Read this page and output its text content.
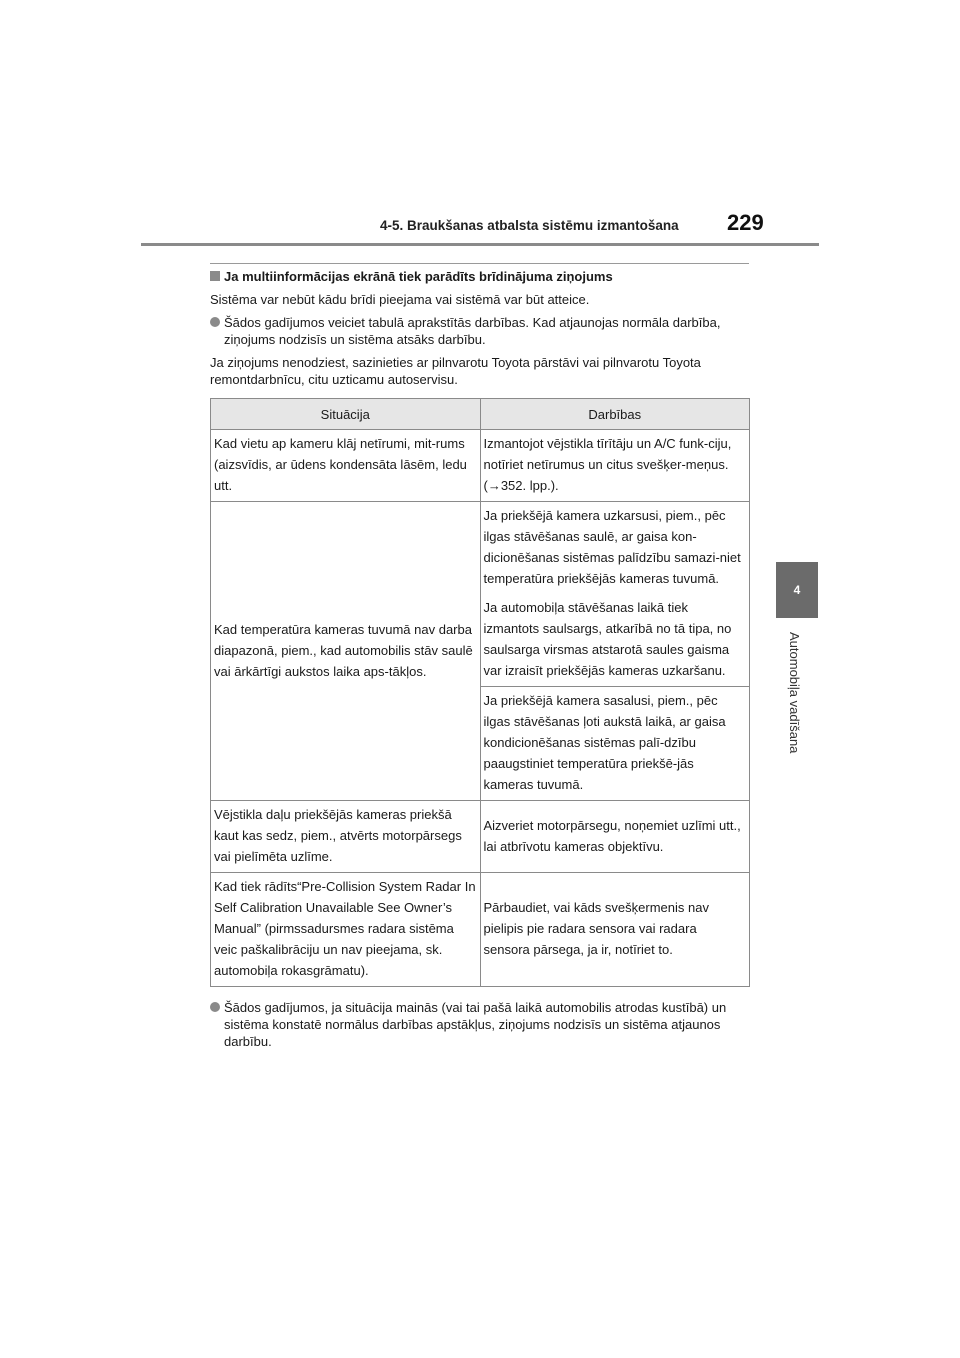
4-5. Braukšanas atbalsta sistēmu izmantošana 229
4
Automobiļa vadīšana
Ja multiinformācijas ekrānā tiek parādīts brīdinājuma ziņojums

Sistēma var nebūt kādu brīdi pieejama vai sistēmā var būt atteice.

Šādos gadījumos veiciet tabulā aprakstītās darbības. Kad atjaunojas normāla darbība, ziņojums nodzisīs un sistēma atsāks darbību.

Ja ziņojums nenodziest, sazinieties ar pilnvarotu Toyota pārstāvi vai pilnvarotu Toyota remontdarbnīcu, citu uzticamu autoservisu.

Situācija	Darbības
Kad vietu ap kameru klāj netīrumi, mit-rums (aizsvīdis, ar ūdens kondensāta lāsēm, ledu utt.	Izmantojot vējstikla tīrītāju un A/C funk-ciju, notīriet netīrumus un citus svešķer-meņus. (→352. lpp.).
Kad temperatūra kameras tuvumā nav darba diapazonā, piem., kad automobilis stāv saulē vai ārkārtīgi aukstos laika aps-tākļos.	Ja priekšējā kamera uzkarsusi, piem., pēc ilgas stāvēšanas saulē, ar gaisa kon-dicionēšanas sistēmas palīdzību samazi-niet temperatūra priekšējās kameras tuvumā.
Ja automobiļa stāvēšanas laikā tiek izmantots saulsargs, atkarībā no tā tipa, no saulsarga virsmas atstarotā saules gaisma var izraisīt priekšējās kameras uzkaršanu.

	Ja priekšējā kamera sasalusi, piem., pēc ilgas stāvēšanas ļoti aukstā laikā, ar gaisa kondicionēšanas sistēmas palī-dzību paaugstiniet temperatūra priekšē-jās kameras tuvumā.
Vējstikla daļu priekšējās kameras priekšā kaut kas sedz, piem., atvērts motorpārsegs vai pielīmēta uzlīme.	Aizveriet motorpārsegu, noņemiet uzlīmi utt., lai atbrīvotu kameras objektīvu.
Kad tiek rādīts“Pre-Collision System Radar In Self Calibration Unavailable See Owner’s Manual” (pirmssadursmes radara sistēma veic paškalibrāciju un nav pieejama, sk. automobiļa rokasgrāmatu).	Pārbaudiet, vai kāds svešķermenis nav pielipis pie radara sensora vai radara sensora pārsega, ja ir, notīriet to.
Šādos gadījumos, ja situācija mainās (vai tai pašā laikā automobilis atrodas kustībā) un sistēma konstatē normālus darbības apstākļus, ziņojums nodzisīs un sistēma atjaunos darbību.
